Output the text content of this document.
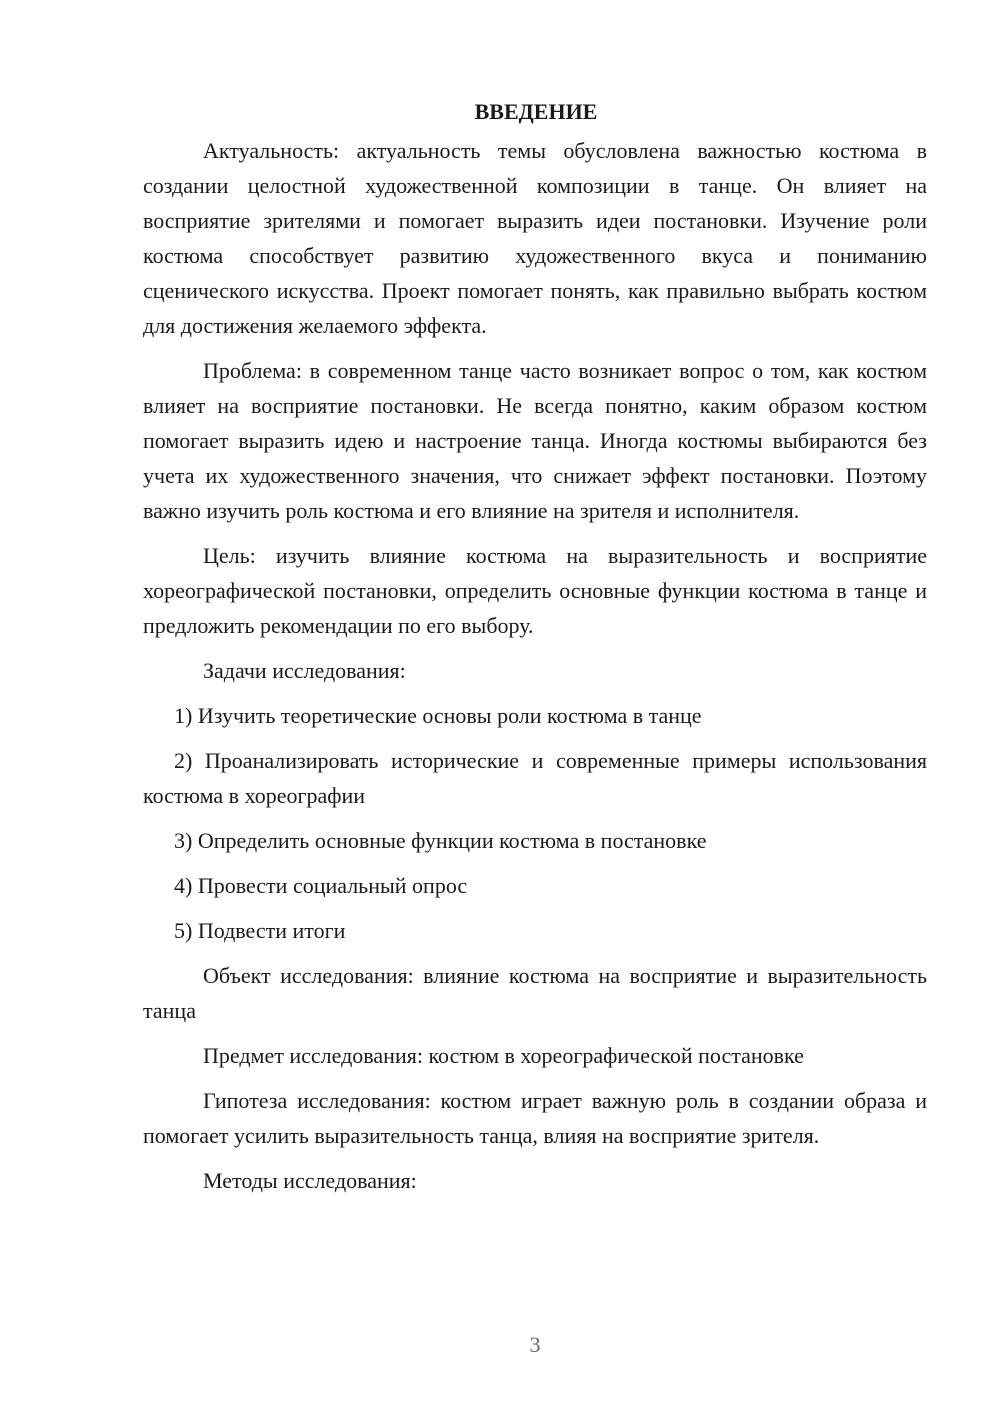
ВВЕДЕНИЕ

Актуальность: актуальность темы обусловлена важностью костюма в создании целостной художественной композиции в танце. Он влияет на восприятие зрителями и помогает выразить идеи постановки. Изучение роли костюма способствует развитию художественного вкуса и пониманию сценического искусства. Проект помогает понять, как правильно выбрать костюм для достижения желаемого эффекта.

Проблема: в современном танце часто возникает вопрос о том, как костюм влияет на восприятие постановки. Не всегда понятно, каким образом костюм помогает выразить идею и настроение танца. Иногда костюмы выбираются без учета их художественного значения, что снижает эффект постановки. Поэтому важно изучить роль костюма и его влияние на зрителя и исполнителя.

Цель: изучить влияние костюма на выразительность и восприятие хореографической постановки, определить основные функции костюма в танце и предложить рекомендации по его выбору.

Задачи исследования:

1) Изучить теоретические основы роли костюма в танце

2) Проанализировать исторические и современные примеры использования костюма в хореографии

3) Определить основные функции костюма в постановке

4) Провести социальный опрос

5) Подвести итоги

Объект исследования: влияние костюма на восприятие и выразительность танца

Предмет исследования: костюм в хореографической постановке

Гипотеза исследования: костюм играет важную роль в создании образа и помогает усилить выразительность танца, влияя на восприятие зрителя.

Методы исследования:

3
